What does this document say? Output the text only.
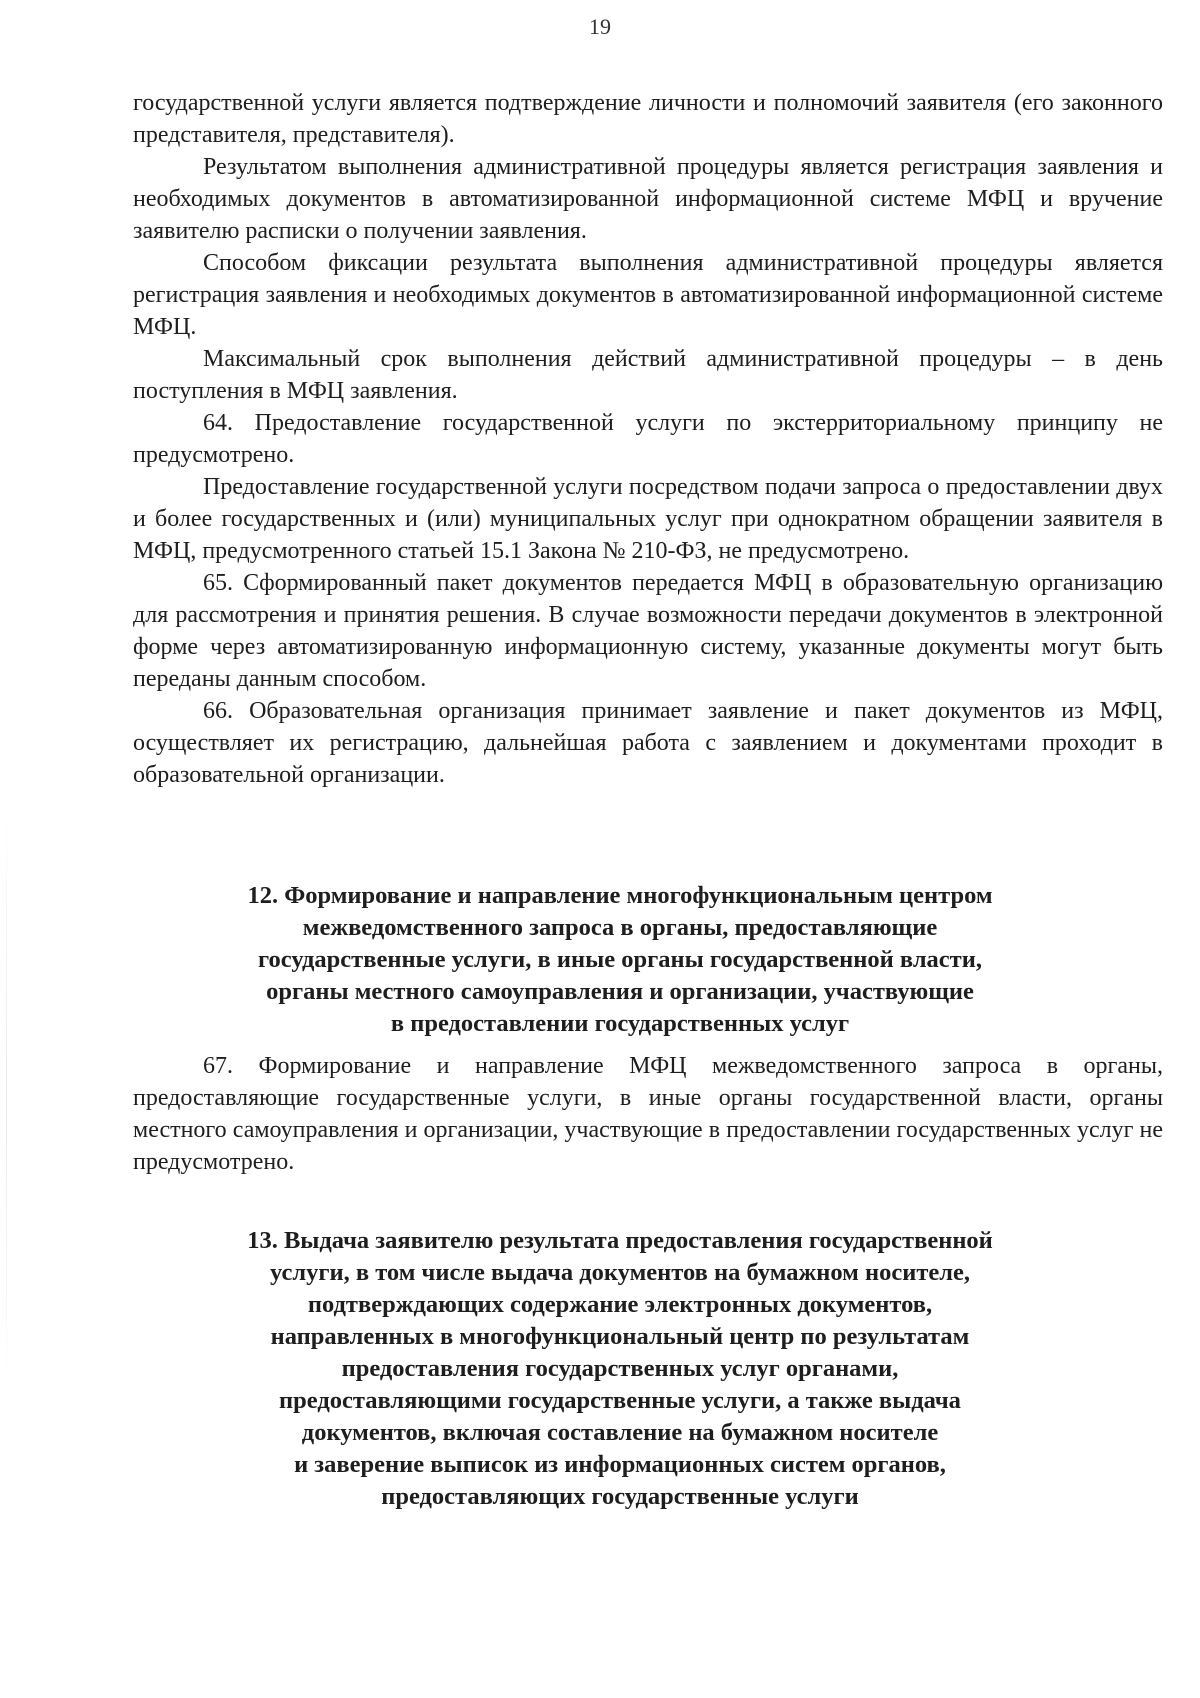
19

государственной услуги является подтверждение личности и полномочий заявителя (его законного представителя, представителя).

Результатом выполнения административной процедуры является регистрация заявления и необходимых документов в автоматизированной информационной системе МФЦ и вручение заявителю расписки о получении заявления.

Способом фиксации результата выполнения административной процедуры является регистрация заявления и необходимых документов в автоматизированной информационной системе МФЦ.

Максимальный срок выполнения действий административной процедуры – в день поступления в МФЦ заявления.

64. Предоставление государственной услуги по экстерриториальному принципу не предусмотрено.

Предоставление государственной услуги посредством подачи запроса о предоставлении двух и более государственных и (или) муниципальных услуг при однократном обращении заявителя в МФЦ, предусмотренного статьей 15.1 Закона № 210-ФЗ, не предусмотрено.

65. Сформированный пакет документов передается МФЦ в образовательную организацию для рассмотрения и принятия решения. В случае возможности передачи документов в электронной форме через автоматизированную информационную систему, указанные документы могут быть переданы данным способом.

66. Образовательная организация принимает заявление и пакет документов из МФЦ, осуществляет их регистрацию, дальнейшая работа с заявлением и документами проходит в образовательной организации.

12. Формирование и направление многофункциональным центром
межведомственного запроса в органы, предоставляющие
государственные услуги, в иные органы государственной власти,
органы местного самоуправления и организации, участвующие
в предоставлении государственных услуг

67. Формирование и направление МФЦ межведомственного запроса в органы, предоставляющие государственные услуги, в иные органы государственной власти, органы местного самоуправления и организации, участвующие в предоставлении государственных услуг не предусмотрено.

13. Выдача заявителю результата предоставления государственной
услуги, в том числе выдача документов на бумажном носителе,
подтверждающих содержание электронных документов,
направленных в многофункциональный центр по результатам
предоставления государственных услуг органами,
предоставляющими государственные услуги, а также выдача
документов, включая составление на бумажном носителе
и заверение выписок из информационных систем органов,
предоставляющих государственные услуги
